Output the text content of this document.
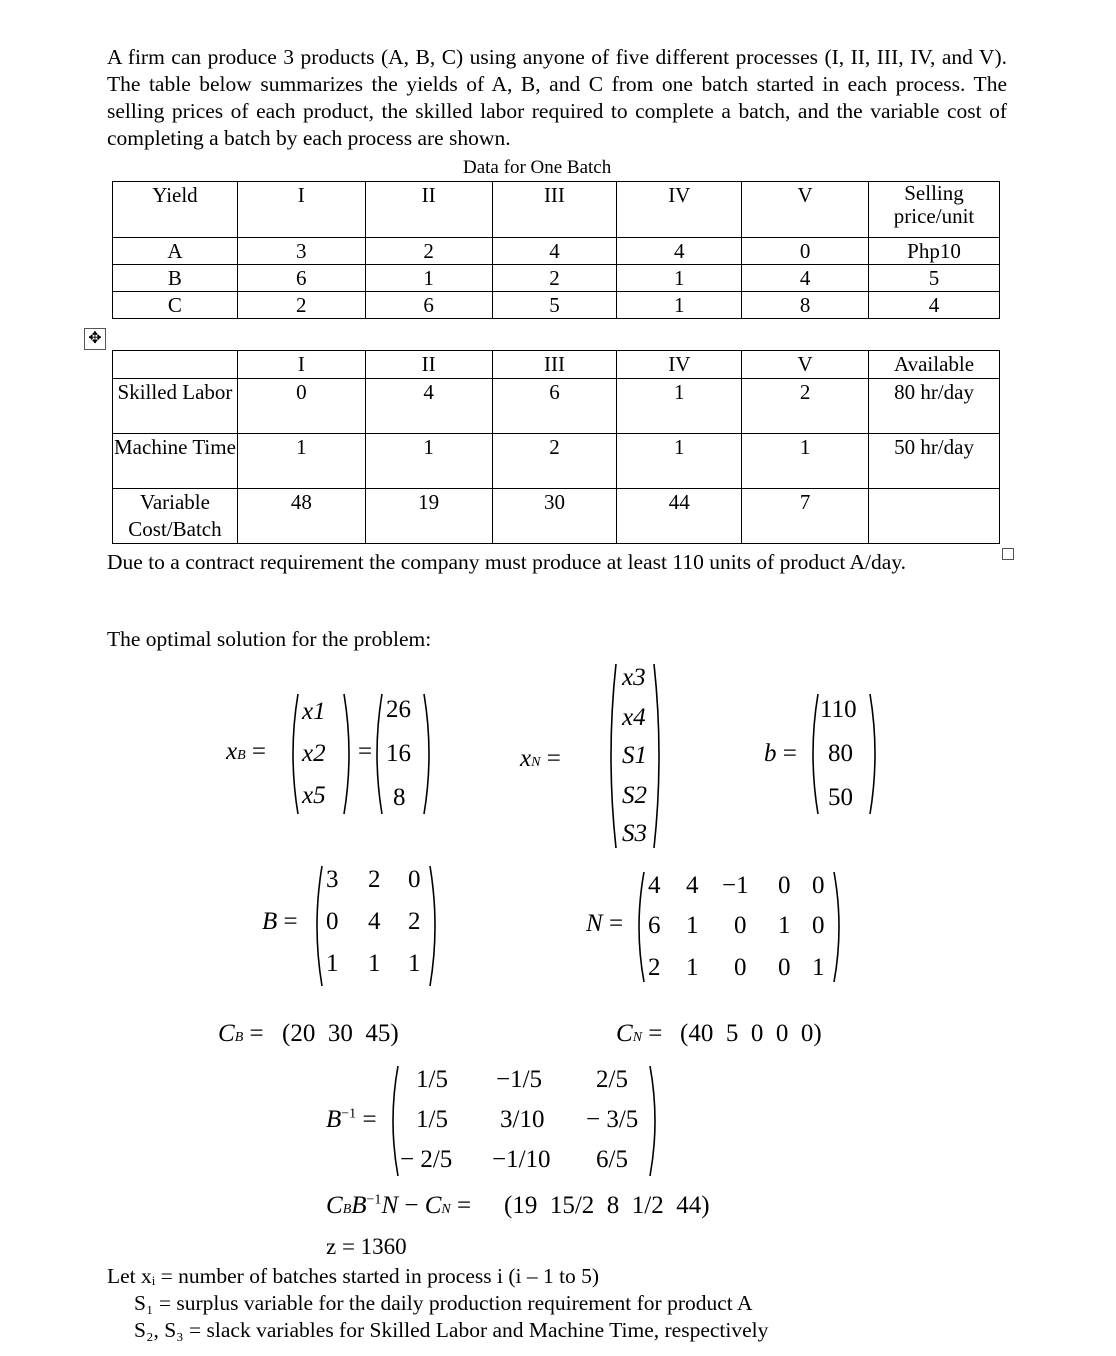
A firm can produce 3 products (A, B, C) using anyone of five different processes (I, II, III, IV, and V). The table below summarizes the yields of A, B, and C from one batch started in each process. The selling prices of each product, the skilled labor required to complete a batch, and the variable cost of completing a batch by each process are shown.
Data for One Batch
Yield	I	II	III	IV	V	Selling price/unit
A	3	2	4	4	0	Php10
B	6	1	2	1	4	5
C	2	6	5	1	8	4
✥
	I	II	III	IV	V	Available
Skilled Labor	0	4	6	1	2	80 hr/day
Machine Time	1	1	2	1	1	50 hr/day
Variable Cost/Batch	48	19	30	44	7	
Due to a contract requirement the company must produce at least 110 units of product A/day.
The optimal solution for the problem:
xB =
x1
x2
x5
=
26
16
8
xN =
x3
x4
S1
S2
S3
b =
110
80
50
B =
3 2 0
0 4 2
1 1 1
N =
4 4 −1 0 0
6 1 0 1 0
2 1 0 0 1
CB = (20  30  45)	CN = (40  5  0  0  0)
$B^{-1}$ =
1/5 −1/5 2/5
1/5 3/10 − 3/5
− 2/5 −1/10 6/5
$CBB^{-1}N$ − CN = (19  15/2  8  1/2  44)
z = 1360
Let xᵢ = number of batches started in process i (i – 1 to 5)
S₁ = surplus variable for the daily production requirement for product A
S₂, S₃ = slack variables for Skilled Labor and Machine Time, respectively
